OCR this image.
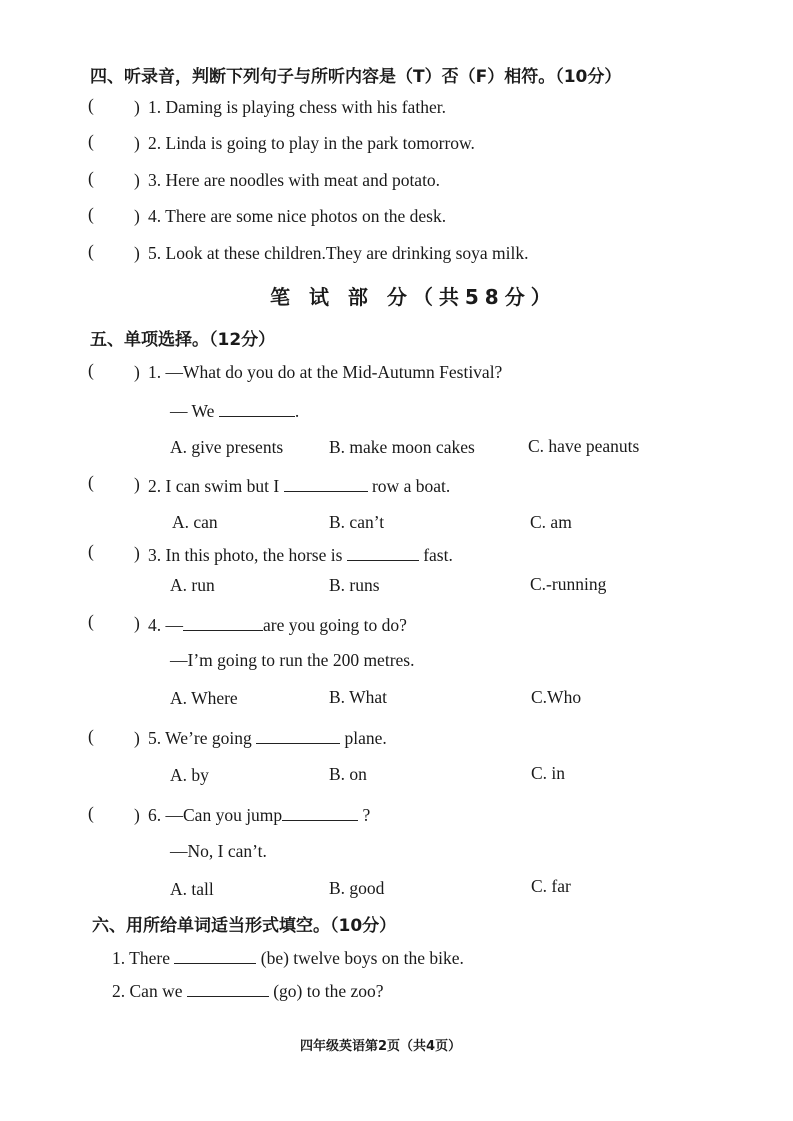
四、听录音，判断下列句子与所听内容是（T）否（F）相符。（10分）
( ) 1. Daming is playing chess with his father.
( ) 2. Linda is going to play in the park tomorrow.
( ) 3. Here are noodles with meat and potato.
( ) 4. There are some nice photos on the desk.
( ) 5. Look at these children.They are drinking soya milk.
笔 试 部 分（共58分）
五、单项选择。（12分）
( ) 1. —What do you do at the Mid-Autumn Festival?
— We	.
A. give presents	B. make moon cakes	C. have peanuts
( ) 2. I can swim but I	row a boat.
A. can	B. can’t	C. am
( ) 3. In this photo, the horse is	fast.
A. run	B. runs	C.-running
( ) 4. —	are you going to do?
—I’m going to run the 200 metres.
A. Where	B. What	C.Who
( ) 5. We’re going	plane.
A. by	B. on	C. in
( ) 6. —Can you jump	?
—No, I can’t.
A. tall	B. good	C. far
六、用所给单词适当形式填空。（10分）
1. There	(be) twelve boys on the bike.
2. Can we	(go) to the zoo?
四年级英语第2页（共4页）
